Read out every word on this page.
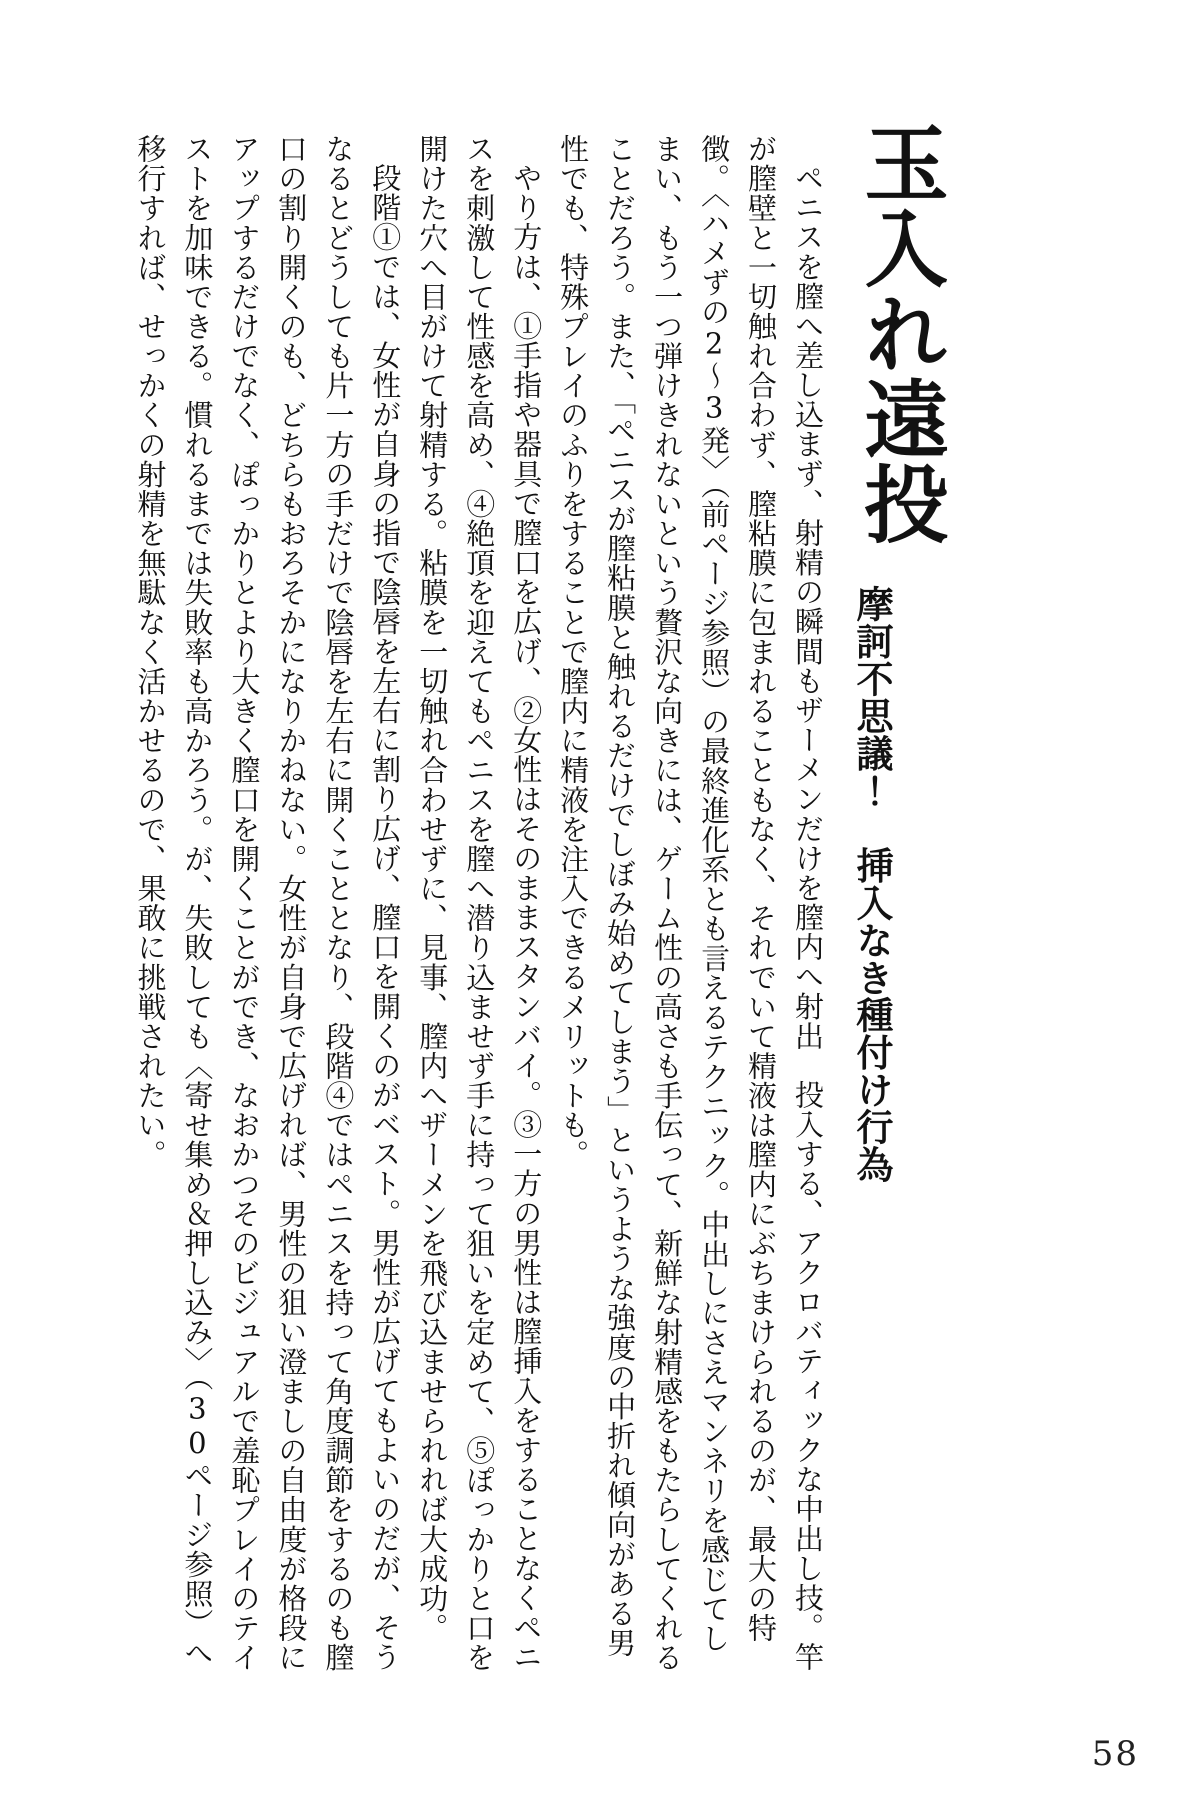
玉入れ遠投
摩訶不思議！　挿入なき種付け行為

ペニスを膣へ差し込まず、射精の瞬間もザーメンだけを膣内へ射出　投入する、アクロバティックな中出し技。竿が膣壁と一切触れ合わず、膣粘膜に包まれることもなく、それでいて精液は膣内にぶちまけられるのが、最大の特徴。〈ハメずの2～3発〉（前ページ参照）の最終進化系とも言えるテクニック。中出しにさえマンネリを感じてしまい、もう一つ弾けきれないという贅沢な向きには、ゲーム性の高さも手伝って、新鮮な射精感をもたらしてくれることだろう。また、「ペニスが膣粘膜と触れるだけでしぼみ始めてしまう」というような強度の中折れ傾向がある男性でも、特殊プレイのふりをすることで膣内に精液を注入できるメリットも。

やり方は、①手指や器具で膣口を広げ、②女性はそのままスタンバイ。③一方の男性は膣挿入をすることなくペニスを刺激して性感を高め、④絶頂を迎えてもペニスを膣へ潜り込ませず手に持って狙いを定めて、⑤ぽっかりと口を開けた穴へ目がけて射精する。粘膜を一切触れ合わせずに、見事、膣内へザーメンを飛び込ませられれば大成功。

段階①では、女性が自身の指で陰唇を左右に割り広げ、膣口を開くのがベスト。男性が広げてもよいのだが、そうなるとどうしても片一方の手だけで陰唇を左右に開くこととなり、段階④ではペニスを持って角度調節をするのも膣口の割り開くのも、どちらもおろそかになりかねない。女性が自身で広げれば、男性の狙い澄ましの自由度が格段にアップするだけでなく、ぽっかりとより大きく膣口を開くことができ、なおかつそのビジュアルで羞恥プレイのテイストを加味できる。慣れるまでは失敗率も高かろう。が、失敗しても〈寄せ集め＆押し込み〉（30ページ参照）へ移行すれば、せっかくの射精を無駄なく活かせるので、果敢に挑戦されたい。

58
